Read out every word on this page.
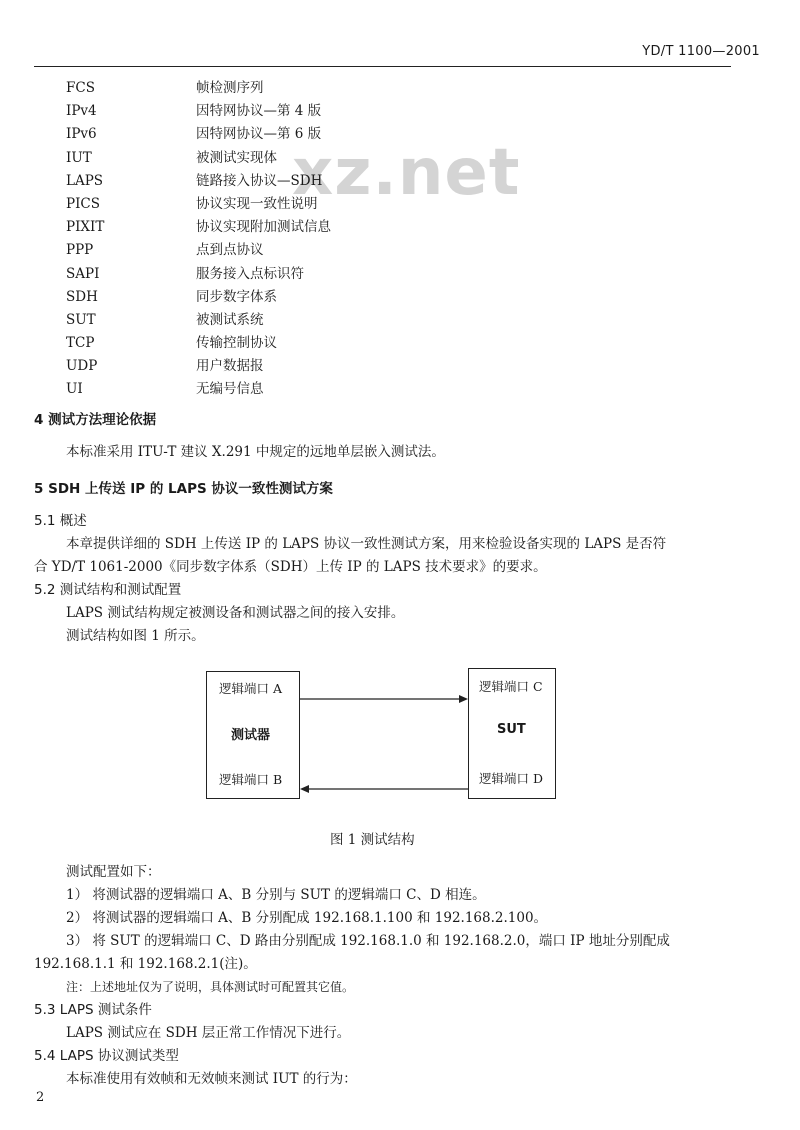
YD/T 1100—2001
xz.net
FCS	帧检测序列
IPv4	因特网协议—第 4 版
IPv6	因特网协议—第 6 版
IUT	被测试实现体
LAPS	链路接入协议—SDH
PICS	协议实现一致性说明
PIXIT	协议实现附加测试信息
PPP	点到点协议
SAPI	服务接入点标识符
SDH	同步数字体系
SUT	被测试系统
TCP	传输控制协议
UDP	用户数据报
UI	无编号信息
4 测试方法理论依据
本标准采用 ITU-T 建议 X.291 中规定的远地单层嵌入测试法。
5 SDH 上传送 IP 的 LAPS 协议一致性测试方案
5.1 概述
本章提供详细的 SDH 上传送 IP 的 LAPS 协议一致性测试方案，用来检验设备实现的 LAPS 是否符
合 YD/T 1061-2000《同步数字体系（SDH）上传 IP 的 LAPS 技术要求》的要求。
5.2 测试结构和测试配置
LAPS 测试结构规定被测设备和测试器之间的接入安排。
测试结构如图 1 所示。
逻辑端口 A
测试器
逻辑端口 B
逻辑端口 C
SUT
逻辑端口 D
图 1 测试结构
测试配置如下：
1） 将测试器的逻辑端口 A、B 分别与 SUT 的逻辑端口 C、D 相连。
2） 将测试器的逻辑端口 A、B 分别配成 192.168.1.100 和 192.168.2.100。
3） 将 SUT 的逻辑端口 C、D 路由分别配成 192.168.1.0 和 192.168.2.0，端口 IP 地址分别配成
192.168.1.1 和 192.168.2.1(注)。
注：上述地址仅为了说明，具体测试时可配置其它值。
5.3 LAPS 测试条件
LAPS 测试应在 SDH 层正常工作情况下进行。
5.4 LAPS 协议测试类型
本标准使用有效帧和无效帧来测试 IUT 的行为：
2
